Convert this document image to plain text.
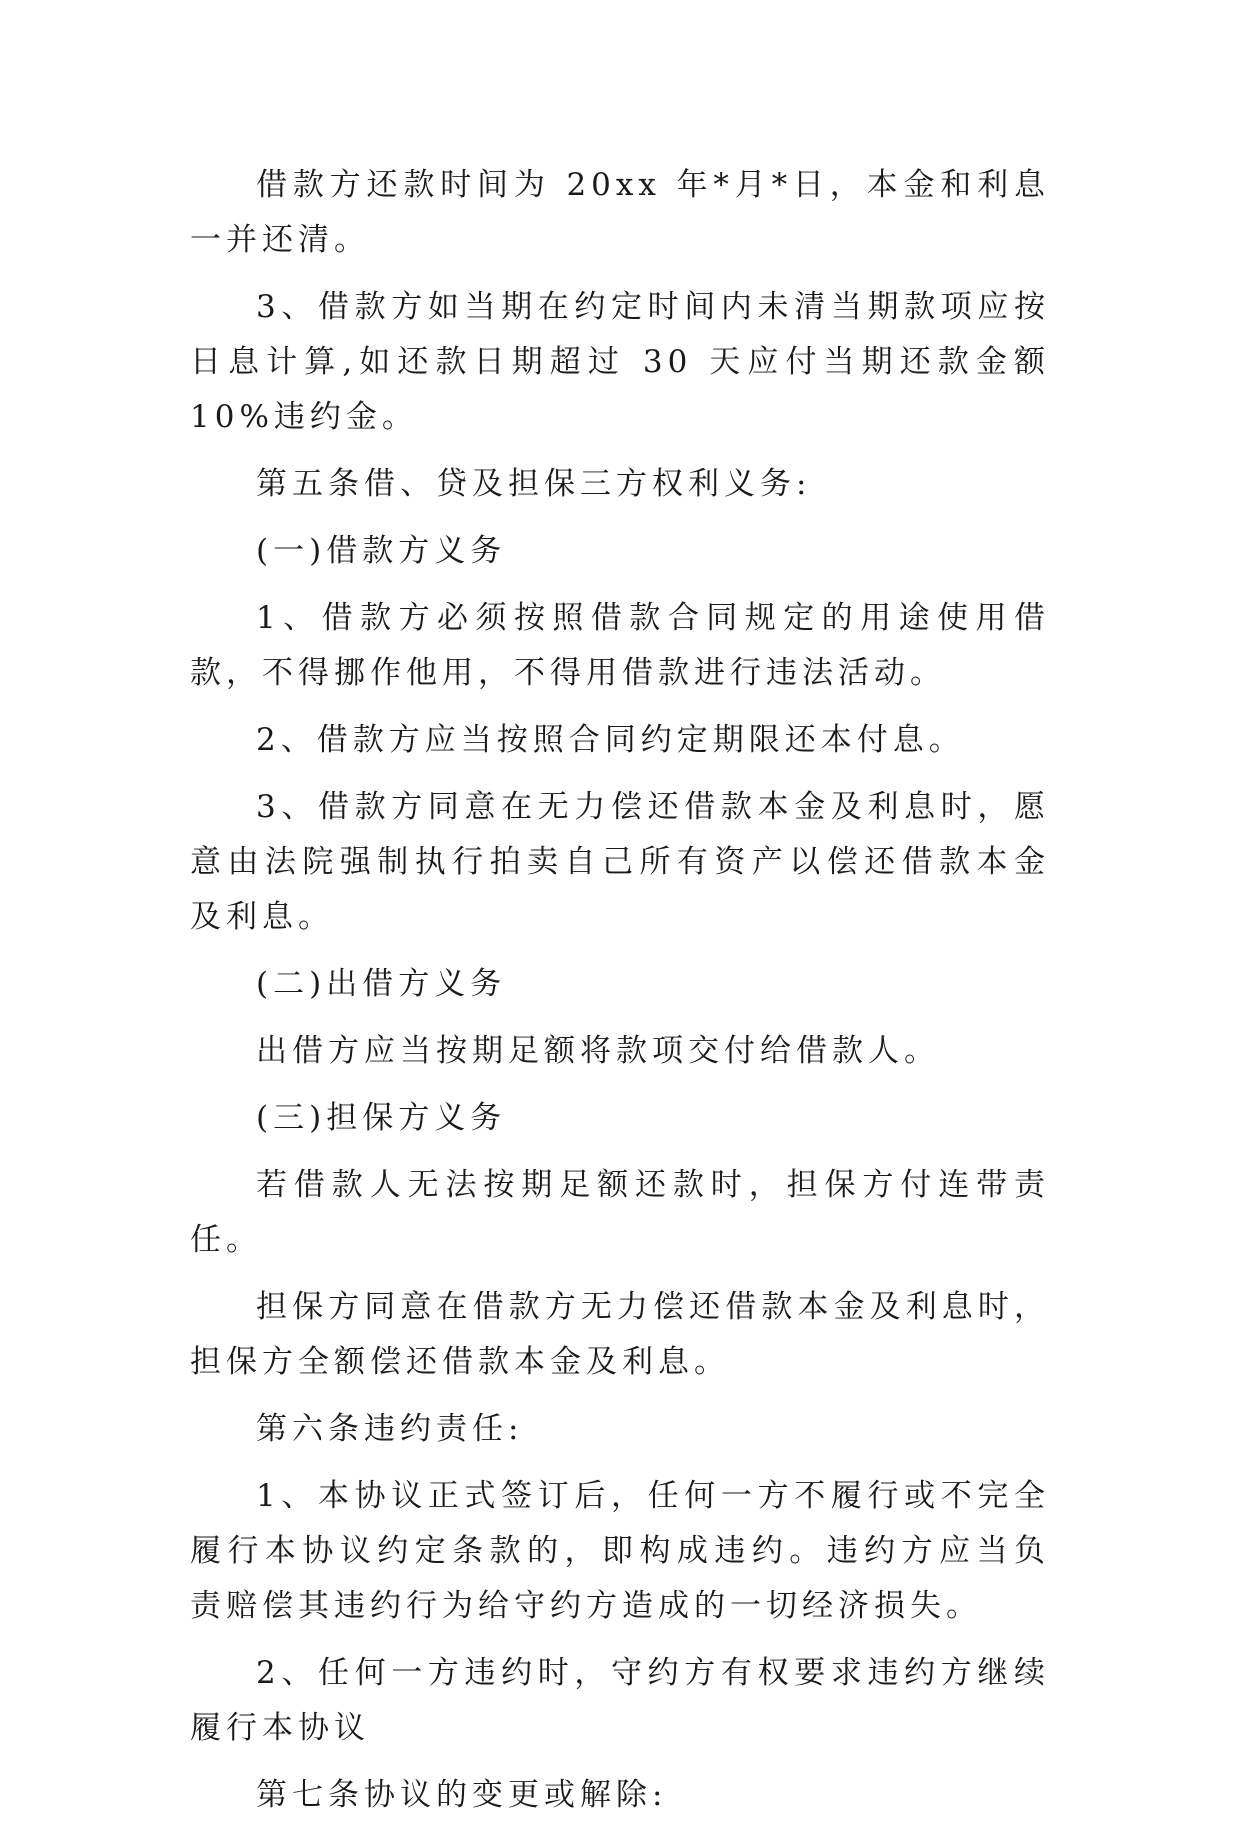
借款方还款时间为 20xx 年*月*日，本金和利息一并还清。

3、借款方如当期在约定时间内未清当期款项应按日息计算,如还款日期超过 30 天应付当期还款金额 10%违约金。

第五条借、贷及担保三方权利义务:

(一)借款方义务

1、借款方必须按照借款合同规定的用途使用借款，不得挪作他用，不得用借款进行违法活动。

2、借款方应当按照合同约定期限还本付息。

3、借款方同意在无力偿还借款本金及利息时，愿意由法院强制执行拍卖自己所有资产以偿还借款本金及利息。

(二)出借方义务

出借方应当按期足额将款项交付给借款人。

(三)担保方义务

若借款人无法按期足额还款时，担保方付连带责任。

担保方同意在借款方无力偿还借款本金及利息时，担保方全额偿还借款本金及利息。

第六条违约责任:

1、本协议正式签订后，任何一方不履行或不完全履行本协议约定条款的，即构成违约。违约方应当负责赔偿其违约行为给守约方造成的一切经济损失。

2、任何一方违约时，守约方有权要求违约方继续履行本协议

第七条协议的变更或解除:
